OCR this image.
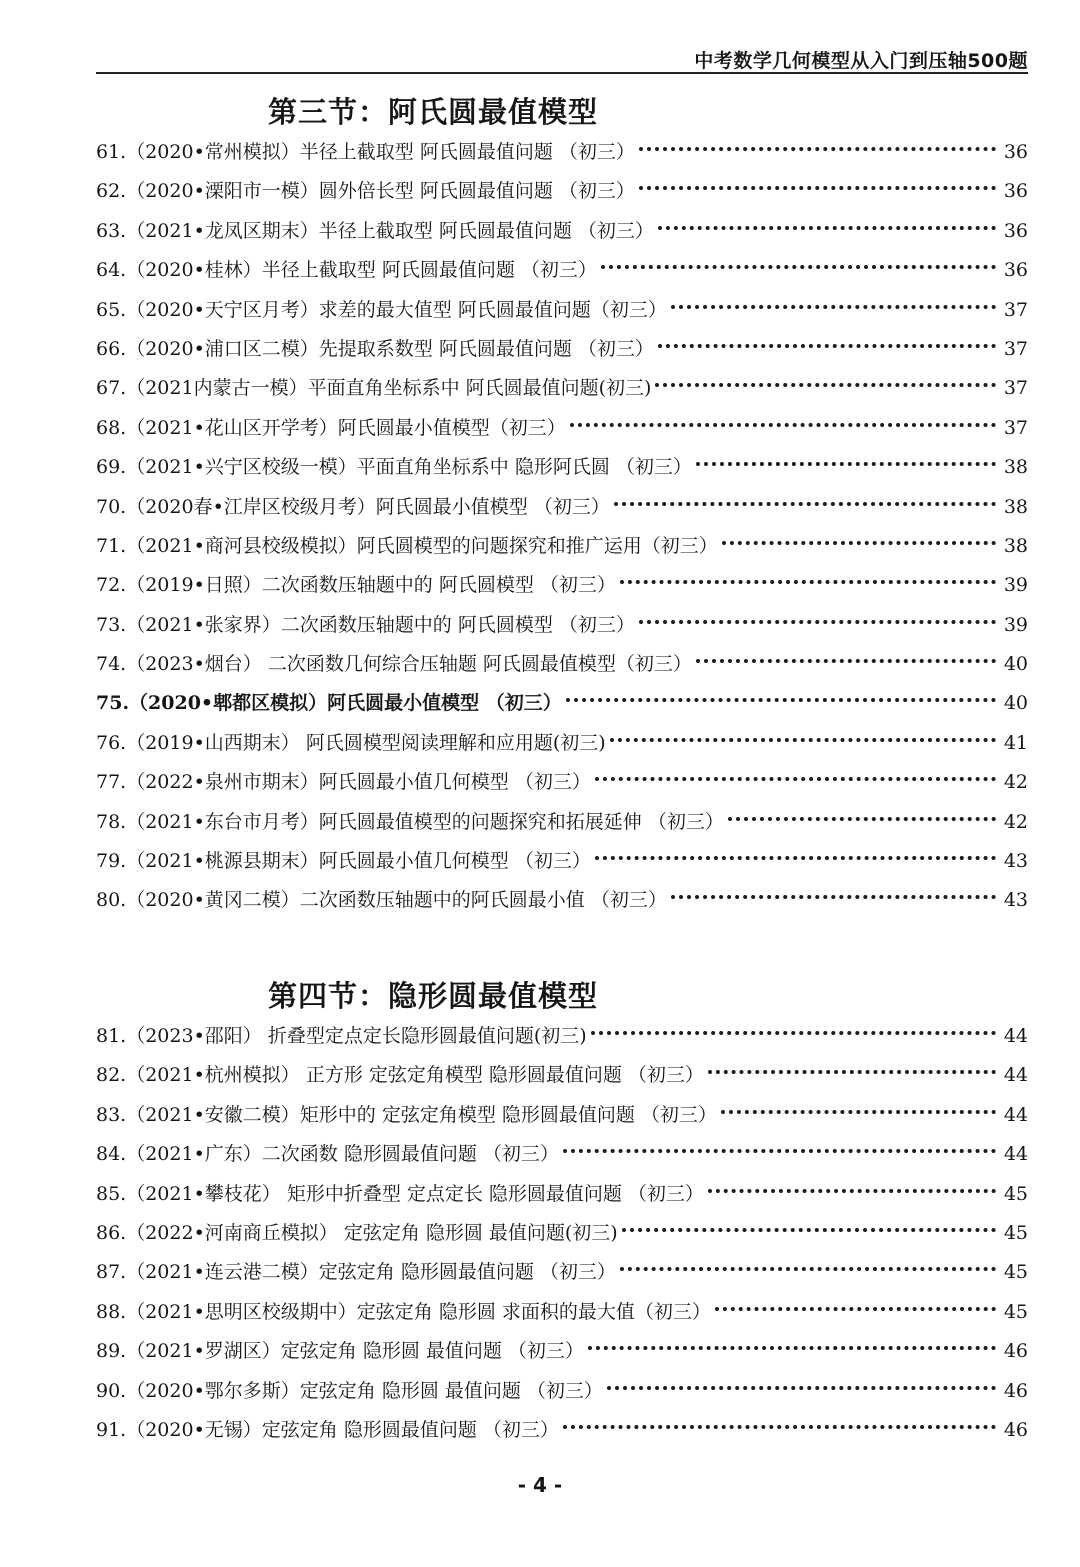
中考数学几何模型从入门到压轴500题
第三节：阿氏圆最值模型
61.（2020•常州模拟）半径上截取型 阿氏圆最值问题 （初三）	36
62.（2020•溧阳市一模）圆外倍长型 阿氏圆最值问题 （初三）	36
63.（2021•龙凤区期末）半径上截取型 阿氏圆最值问题 （初三）	36
64.（2020•桂林）半径上截取型 阿氏圆最值问题 （初三）	36
65.（2020•天宁区月考）求差的最大值型 阿氏圆最值问题（初三）	37
66.（2020•浦口区二模）先提取系数型 阿氏圆最值问题 （初三）	37
67.（2021内蒙古一模）平面直角坐标系中 阿氏圆最值问题(初三)	37
68.（2021•花山区开学考）阿氏圆最小值模型（初三）	37
69.（2021•兴宁区校级一模）平面直角坐标系中 隐形阿氏圆 （初三）	38
70.（2020春•江岸区校级月考）阿氏圆最小值模型 （初三）	38
71.（2021•商河县校级模拟）阿氏圆模型的问题探究和推广运用（初三）	38
72.（2019•日照）二次函数压轴题中的 阿氏圆模型 （初三）	39
73.（2021•张家界）二次函数压轴题中的 阿氏圆模型 （初三）	39
74.（2023•烟台） 二次函数几何综合压轴题 阿氏圆最值模型（初三）	40
75.（2020•郫都区模拟）阿氏圆最小值模型 （初三）	40
76.（2019•山西期末） 阿氏圆模型阅读理解和应用题(初三)	41
77.（2022•泉州市期末）阿氏圆最小值几何模型 （初三）	42
78.（2021•东台市月考）阿氏圆最值模型的问题探究和拓展延伸 （初三）	42
79.（2021•桃源县期末）阿氏圆最小值几何模型 （初三）	43
80.（2020•黄冈二模）二次函数压轴题中的阿氏圆最小值 （初三）	43
第四节：隐形圆最值模型
81.（2023•邵阳） 折叠型定点定长隐形圆最值问题(初三)	44
82.（2021•杭州模拟） 正方形 定弦定角模型 隐形圆最值问题 （初三）	44
83.（2021•安徽二模）矩形中的 定弦定角模型 隐形圆最值问题 （初三）	44
84.（2021•广东）二次函数 隐形圆最值问题 （初三）	44
85.（2021•攀枝花） 矩形中折叠型 定点定长 隐形圆最值问题 （初三）	45
86.（2022•河南商丘模拟） 定弦定角 隐形圆 最值问题(初三)	45
87.（2021•连云港二模）定弦定角 隐形圆最值问题 （初三）	45
88.（2021•思明区校级期中）定弦定角 隐形圆 求面积的最大值（初三）	45
89.（2021•罗湖区）定弦定角 隐形圆 最值问题 （初三）	46
90.（2020•鄂尔多斯）定弦定角 隐形圆 最值问题 （初三）	46
91.（2020•无锡）定弦定角 隐形圆最值问题 （初三）	46
- 4 -
